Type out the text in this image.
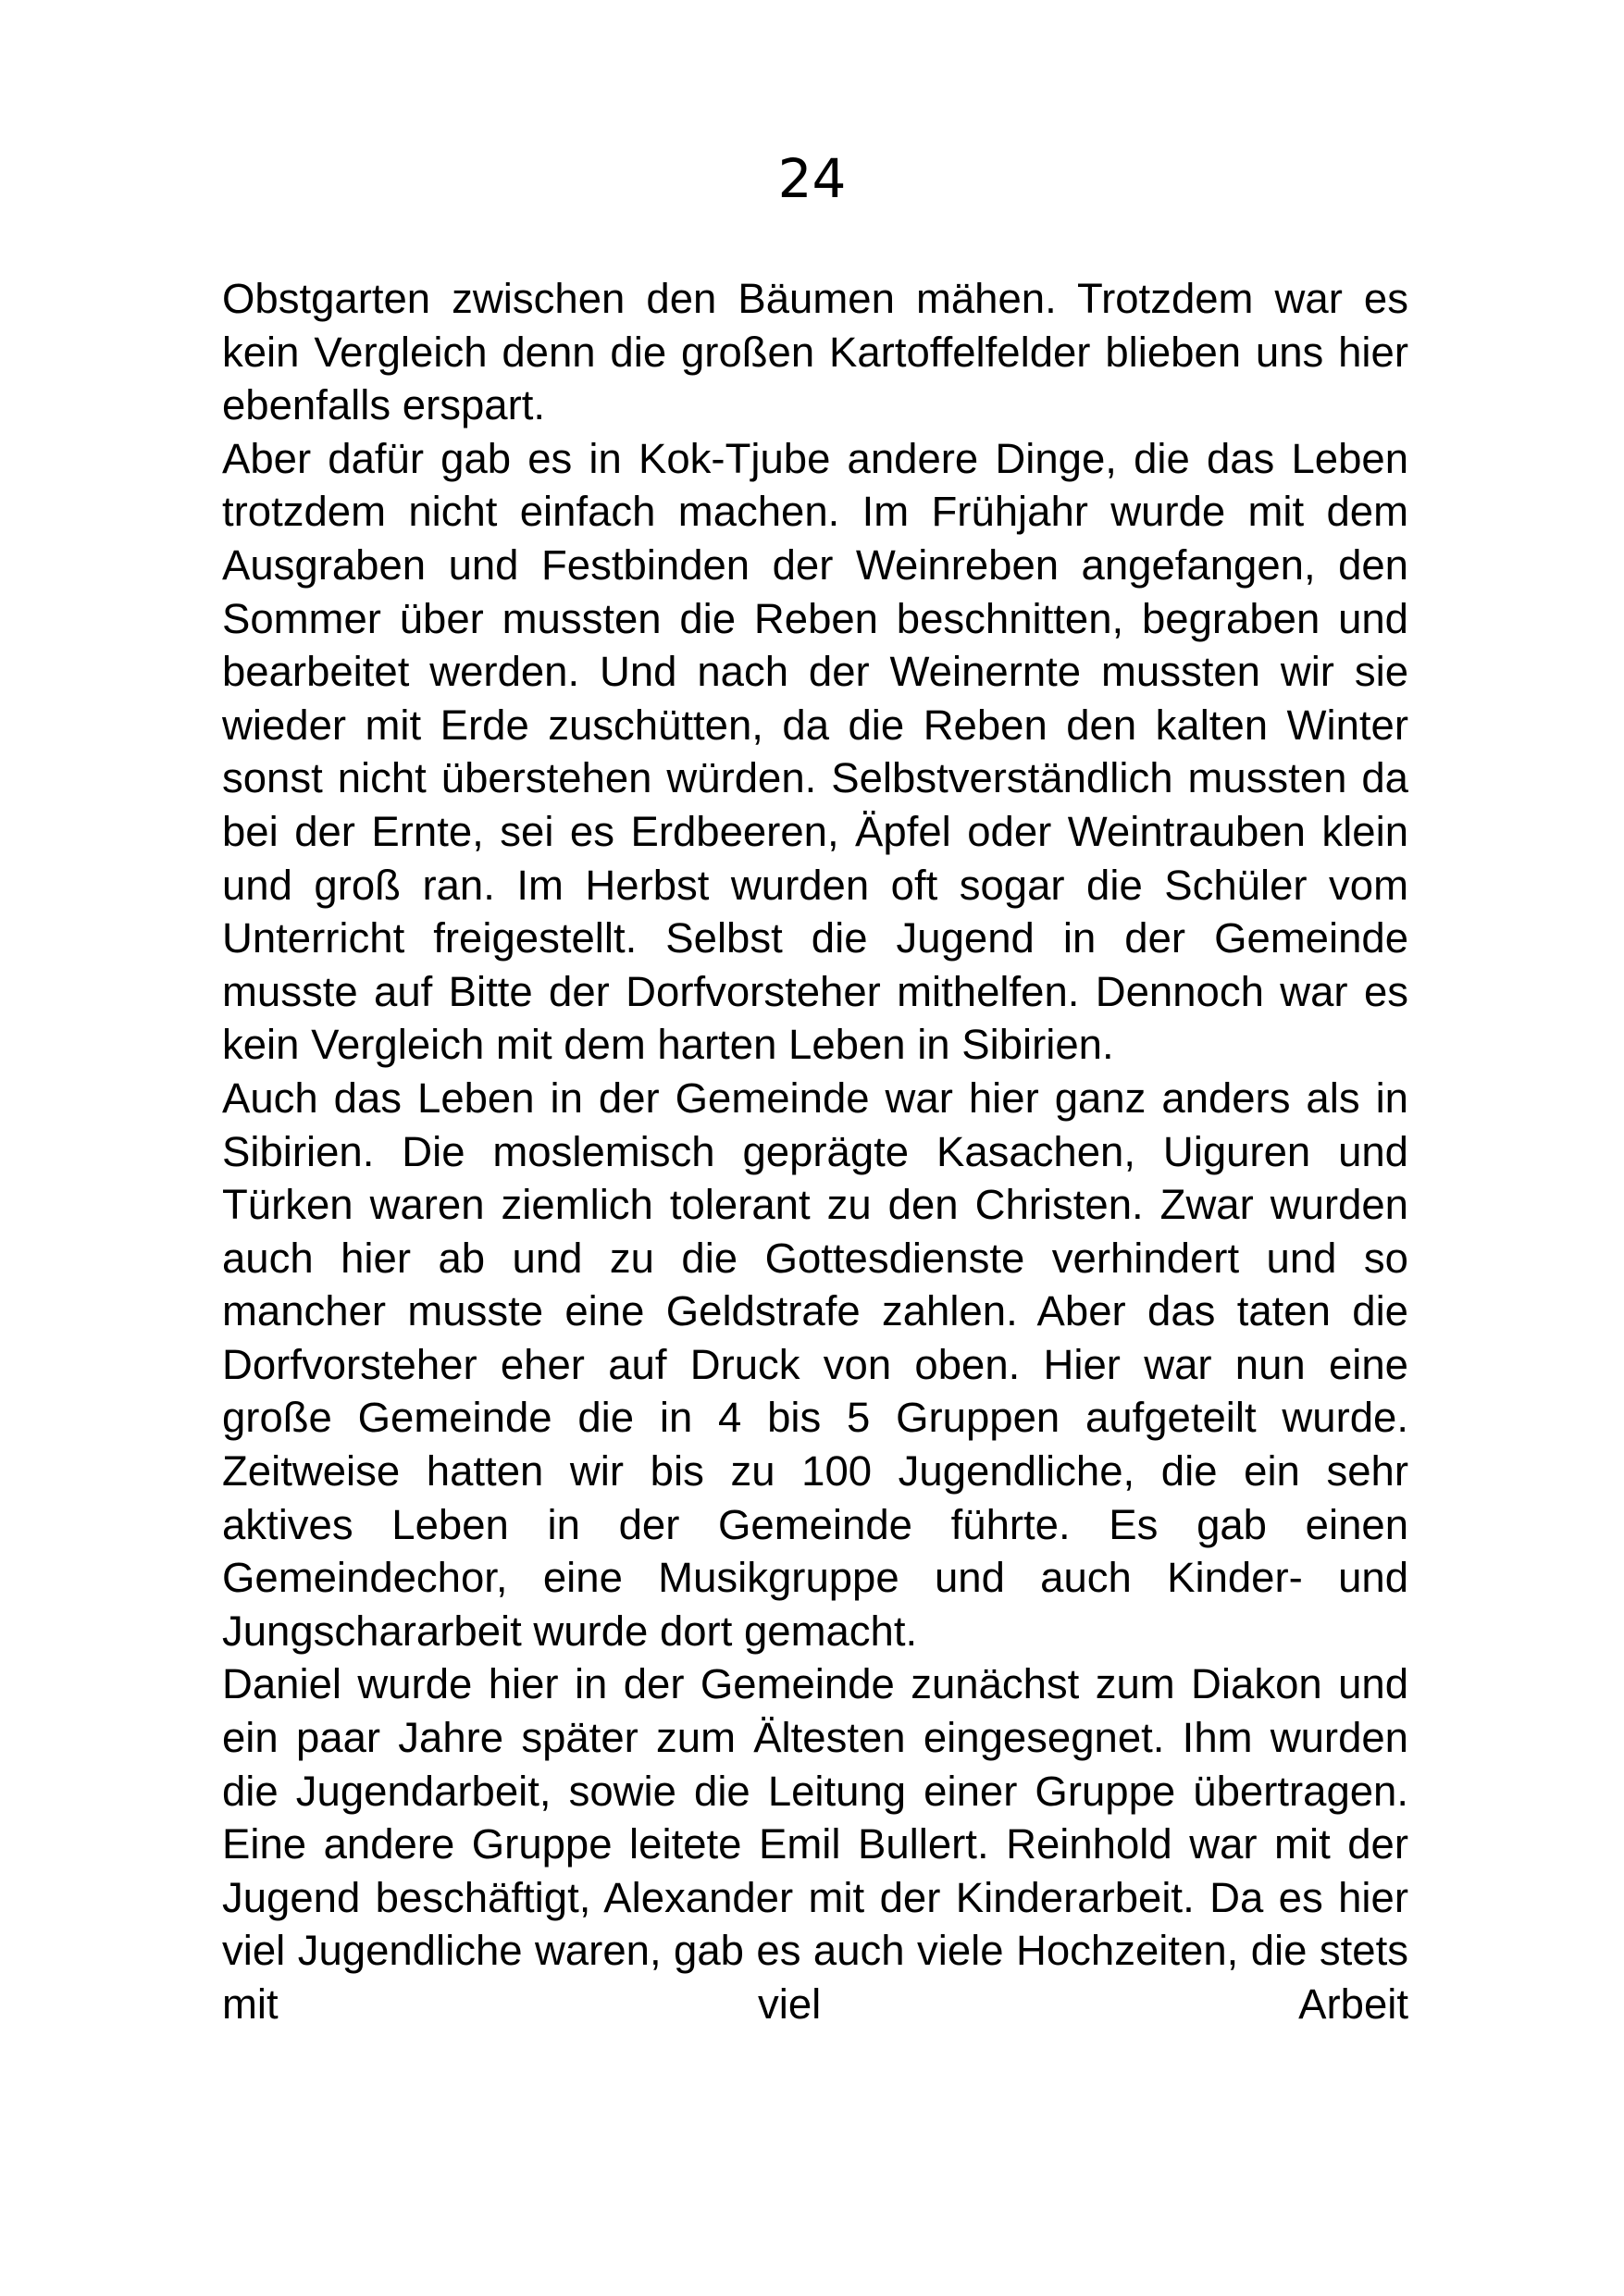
24

Obstgarten zwischen den Bäumen mähen. Trotzdem war es kein Vergleich denn die großen Kartoffelfelder blieben uns hier ebenfalls erspart.

Aber dafür gab es in Kok-Tjube andere Dinge, die das Leben trotzdem nicht einfach machen. Im Frühjahr wurde mit dem Ausgraben und Festbinden der Weinreben angefangen, den Sommer über mussten die Reben beschnitten, begraben und bearbeitet werden. Und nach der Weinernte mussten wir sie wieder mit Erde zuschütten, da die Reben den kalten Winter sonst nicht überstehen würden. Selbstverständlich mussten da bei der Ernte, sei es Erdbeeren, Äpfel oder Weintrauben klein und groß ran. Im Herbst wurden oft sogar die Schüler vom Unterricht freigestellt. Selbst die Jugend in der Gemeinde musste auf Bitte der Dorfvorsteher mithelfen. Dennoch war es kein Vergleich mit dem harten Leben in Sibirien.

Auch das Leben in der Gemeinde war hier ganz anders als in Sibirien. Die moslemisch geprägte Kasachen, Uiguren und Türken waren ziemlich tolerant zu den Christen. Zwar wurden auch hier ab und zu die Gottesdienste verhindert und so mancher musste eine Geldstrafe zahlen. Aber das taten die Dorfvorsteher eher auf Druck von oben. Hier war nun eine große Gemeinde die in 4 bis 5 Gruppen aufgeteilt wurde. Zeitweise hatten wir bis zu 100 Jugendliche, die ein sehr aktives Leben in der Gemeinde führte. Es gab einen Gemeindechor, eine Musikgruppe und auch Kinder- und Jungschararbeit wurde dort gemacht.

Daniel wurde hier in der Gemeinde zunächst zum Diakon und ein paar Jahre später zum Ältesten eingesegnet. Ihm wurden die Jugendarbeit, sowie die Leitung einer Gruppe übertragen. Eine andere Gruppe leitete Emil Bullert. Reinhold war mit der Jugend beschäftigt, Alexander mit der Kinderarbeit. Da es hier viel Jugendliche waren, gab es auch viele Hochzeiten, die stets mit viel Arbeit
